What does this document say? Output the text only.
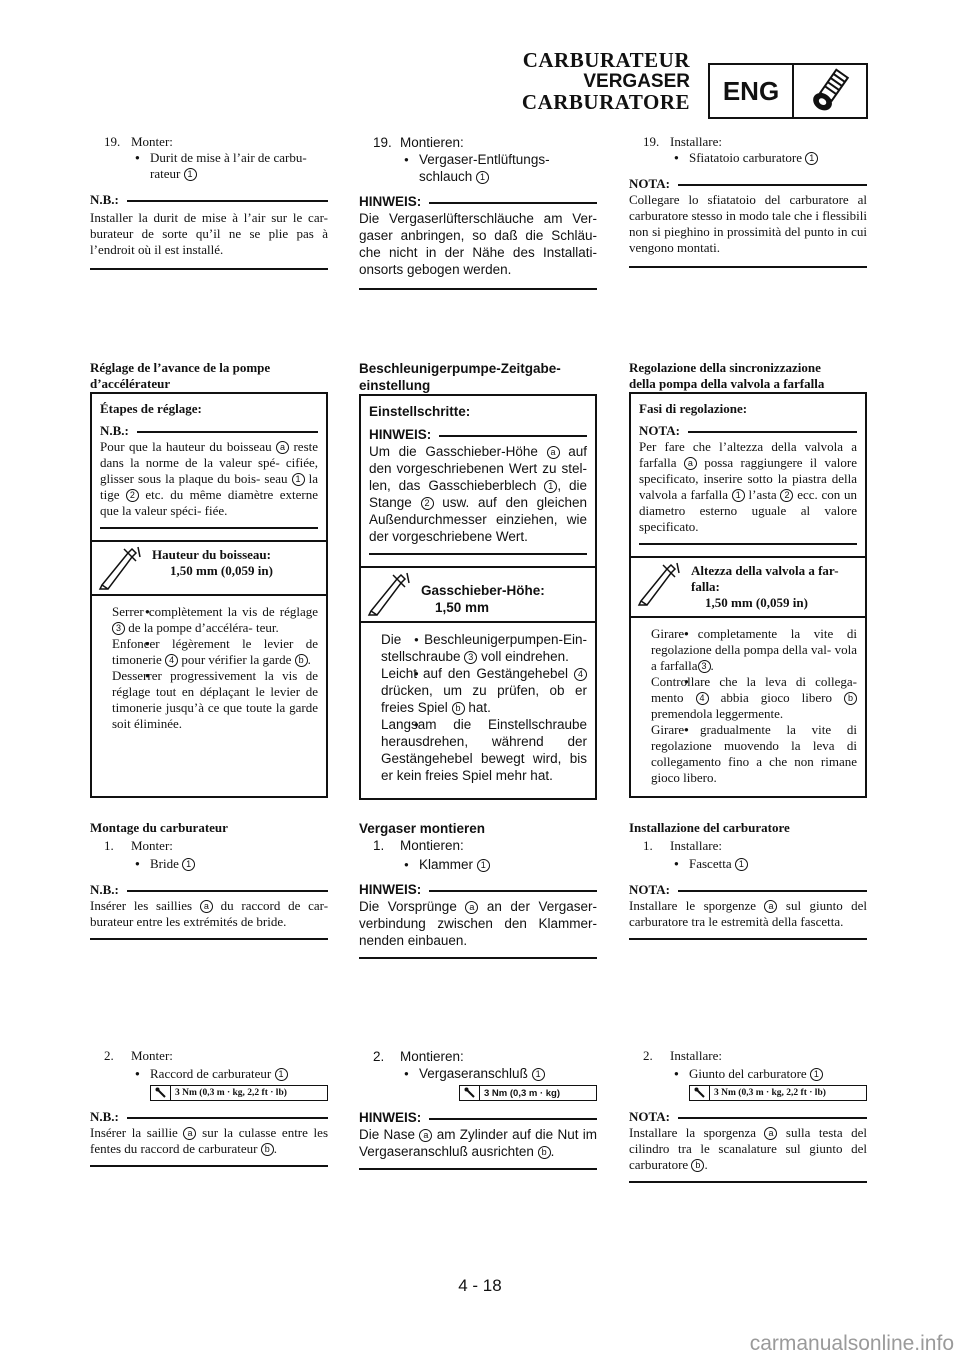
CARBURATEUR
VERGASER
CARBURATORE	ENG
19. Monter:
● Durit de mise à l’air de carbu-
rateur 1
N.B.:

Installer la durit de mise à l’air sur le car- burateur de sorte qu’il ne se plie pas à l’endroit où il est installé.

Réglage de l’avance de la pompe
d’accélérateur
Étapes de réglage:
N.B.:

Pour que la hauteur du boisseau a reste dans la norme de la valeur spé- cifiée, glisser sous la plaque du bois- seau 1 la tige 2 etc. du même diamètre externe que la valeur spéci- fiée.

Hauteur du boisseau:
1,50 mm (0,059 in)
● Serrer complètement la vis de réglage 3 de la pompe d’accéléra- teur.
● Enfoncer légèrement le levier de timonerie 4 pour vérifier la garde b .
● Desserrer progressivement la vis de réglage tout en déplaçant le levier de timonerie jusqu’à ce que toute la garde soit éliminée.
Montage du carburateur
1. Monter:
● Bride 1
N.B.:

Insérer les saillies a du raccord de car- burateur entre les extrémités de bride.

2. Monter:
● Raccord de carburateur 1
3 Nm (0,3 m · kg, 2,2 ft · lb)
N.B.:

Insérer la saillie a sur la culasse entre les fentes du raccord de carburateur b .

19. Montieren:
● Vergaser-Entlüftungs-
schlauch 1
HINWEIS:

Die Vergaserlüfterschläuche am Ver- gaser anbringen, so daß die Schläu- che nicht in der Nähe des Installati- onsorts gebogen werden.

Beschleunigerpumpe-Zeitgabe-
einstellung
Einstellschritte:
HINWEIS:

Um die Gasschieber-Höhe a auf den vorgeschriebenen Wert zu stel- len, das Gasschieberblech 1 , die Stange 2 usw. auf den gleichen Außendurchmesser einziehen, wie der vorgeschriebene Wert.

Gasschieber-Höhe:
1,50 mm
● Die Beschleunigerpumpen-Ein- stellschraube 3 voll eindrehen.
● Leicht auf den Gestängehebel 4 drücken, um zu prüfen, ob er freies Spiel b hat.
● Langsam die Einstellschraube herausdrehen, während der Gestängehebel bewegt wird, bis er kein freies Spiel mehr hat.
Vergaser montieren
1. Montieren:
● Klammer 1
HINWEIS:

Die Vorsprünge a an der Vergaser- verbindung zwischen den Klammer- nenden einbauen.

2. Montieren:
● Vergaseranschluß 1
3 Nm (0,3 m · kg)
HINWEIS:

Die Nase a am Zylinder auf die Nut im Vergaseranschluß ausrichten b .

19. Installare:
● Sfiatatoio carburatore 1
NOTA:

Collegare lo sfiatatoio del carburatore al carburatore stesso in modo tale che i flessibili non si pieghino in prossimità del punto in cui vengono montati.

Regolazione della sincronizzazione
della pompa della valvola a farfalla
Fasi di regolazione:
NOTA:

Per fare che l’altezza della valvola a farfalla a possa raggiungere il valore specificato, inserire sotto la piastra della valvola a farfalla 1 l’asta 2 ecc. con un diametro esterno uguale al valore specificato.

Altezza della valvola a far- falla:
1,50 mm (0,059 in)
● Girare completamente la vite di regolazione della pompa della val- vola a farfalla 3 .
● Controllare che la leva di collega- mento 4 abbia gioco libero b premendola leggermente.
● Girare gradualmente la vite di regolazione muovendo la leva di collegamento fino a che non rimane gioco libero.
Installazione del carburatore
1. Installare:
● Fascetta 1
NOTA:

Installare le sporgenze a sul giunto del carburatore tra le estremità della fascetta.

2. Installare:
● Giunto del carburatore 1
3 Nm (0,3 m · kg, 2,2 ft · lb)
NOTA:

Installare la sporgenza a sulla testa del cilindro tra le scanalature sul giunto del carburatore b .

4 - 18
carmanualsonline.info
